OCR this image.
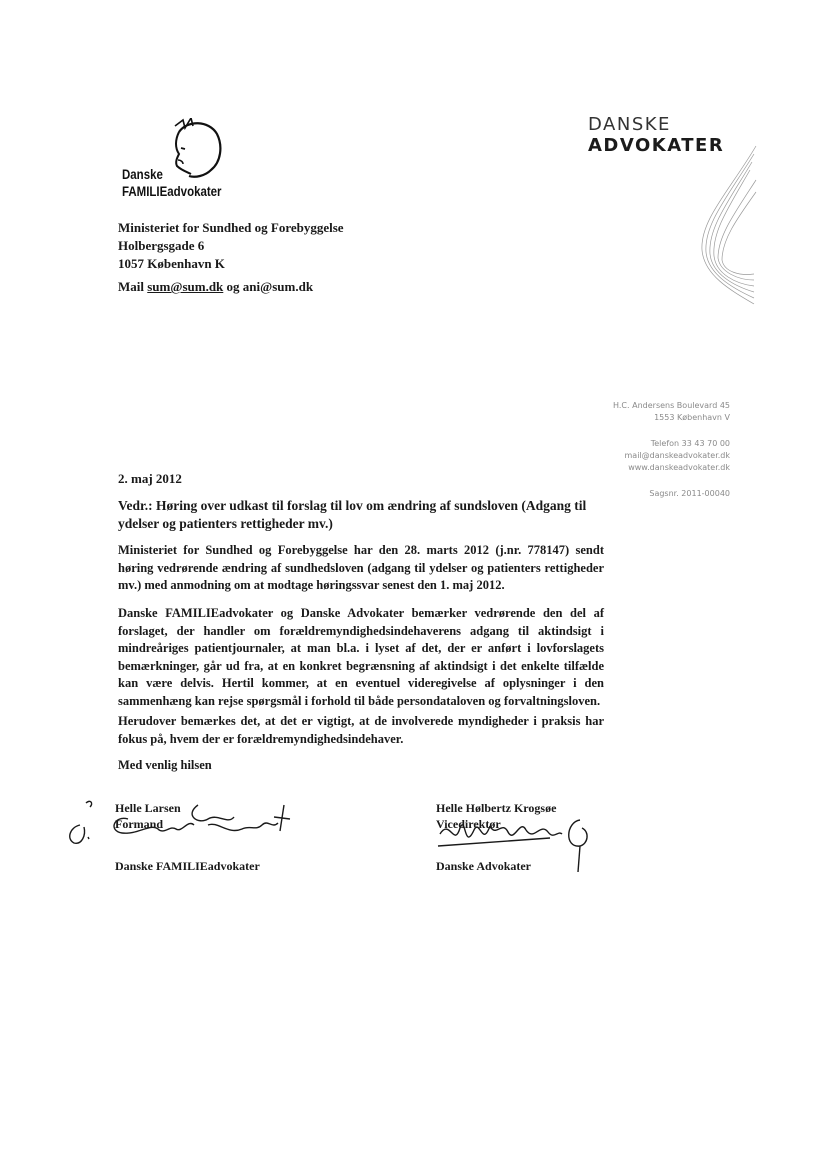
Danske
FAMILIEadvokater
DANSKE
ADVOKATER
Ministeriet for Sundhed og Forebyggelse
Holbergsgade 6
1057 København K
Mail sum@sum.dk og ani@sum.dk
H.C. Andersens Boulevard 45
1553 København V
Telefon 33 43 70 00
mail@danskeadvokater.dk
www.danskeadvokater.dk
Sagsnr. 2011-00040
2. maj 2012
Vedr.: Høring over udkast til forslag til lov om ændring af sundsloven (Adgang til ydelser og patienters rettigheder mv.)
Ministeriet for Sundhed og Forebyggelse har den 28. marts 2012 (j.nr. 778147) sendt høring vedrørende ændring af sundhedsloven (adgang til ydelser og patienters rettigheder mv.) med anmodning om at modtage høringssvar senest den 1. maj 2012.
Danske FAMILIEadvokater og Danske Advokater bemærker vedrørende den del af forslaget, der handler om forældremyndighedsindehaverens adgang til aktindsigt i mindreåriges patientjournaler, at man bl.a. i lyset af det, der er anført i lovforslagets bemærkninger, går ud fra, at en konkret begrænsning af aktindsigt i det enkelte tilfælde kan være delvis. Hertil kommer, at en eventuel videregivelse af oplysninger i den sammenhæng kan rejse spørgsmål i forhold til både persondataloven og forvaltningsloven.
Herudover bemærkes det, at det er vigtigt, at de involverede myndigheder i praksis har fokus på, hvem der er forældremyndighedsindehaver.
Med venlig hilsen
Helle Larsen
Formand
Danske FAMILIEadvokater
Helle Hølbertz Krogsøe
Vicedirektør
Danske Advokater
